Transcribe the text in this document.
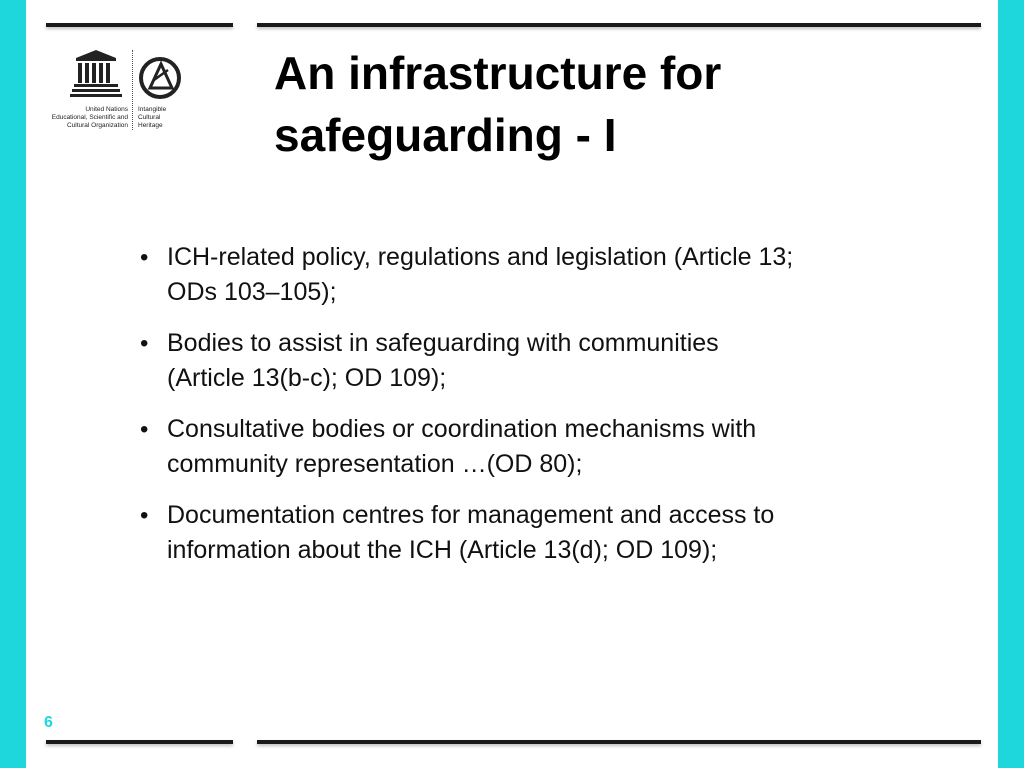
United Nations
Educational, Scientific and
Cultural Organization
Intangible
Cultural
Heritage
An infrastructure for
safeguarding - I
• ICH-related policy, regulations and legislation (Article 13;
ODs 103–105);
• Bodies to assist in safeguarding with communities
(Article 13(b-c); OD 109);
• Consultative bodies or coordination mechanisms with
community representation …(OD 80);
• Documentation centres for management and access to
information about the ICH (Article 13(d); OD 109);
6
